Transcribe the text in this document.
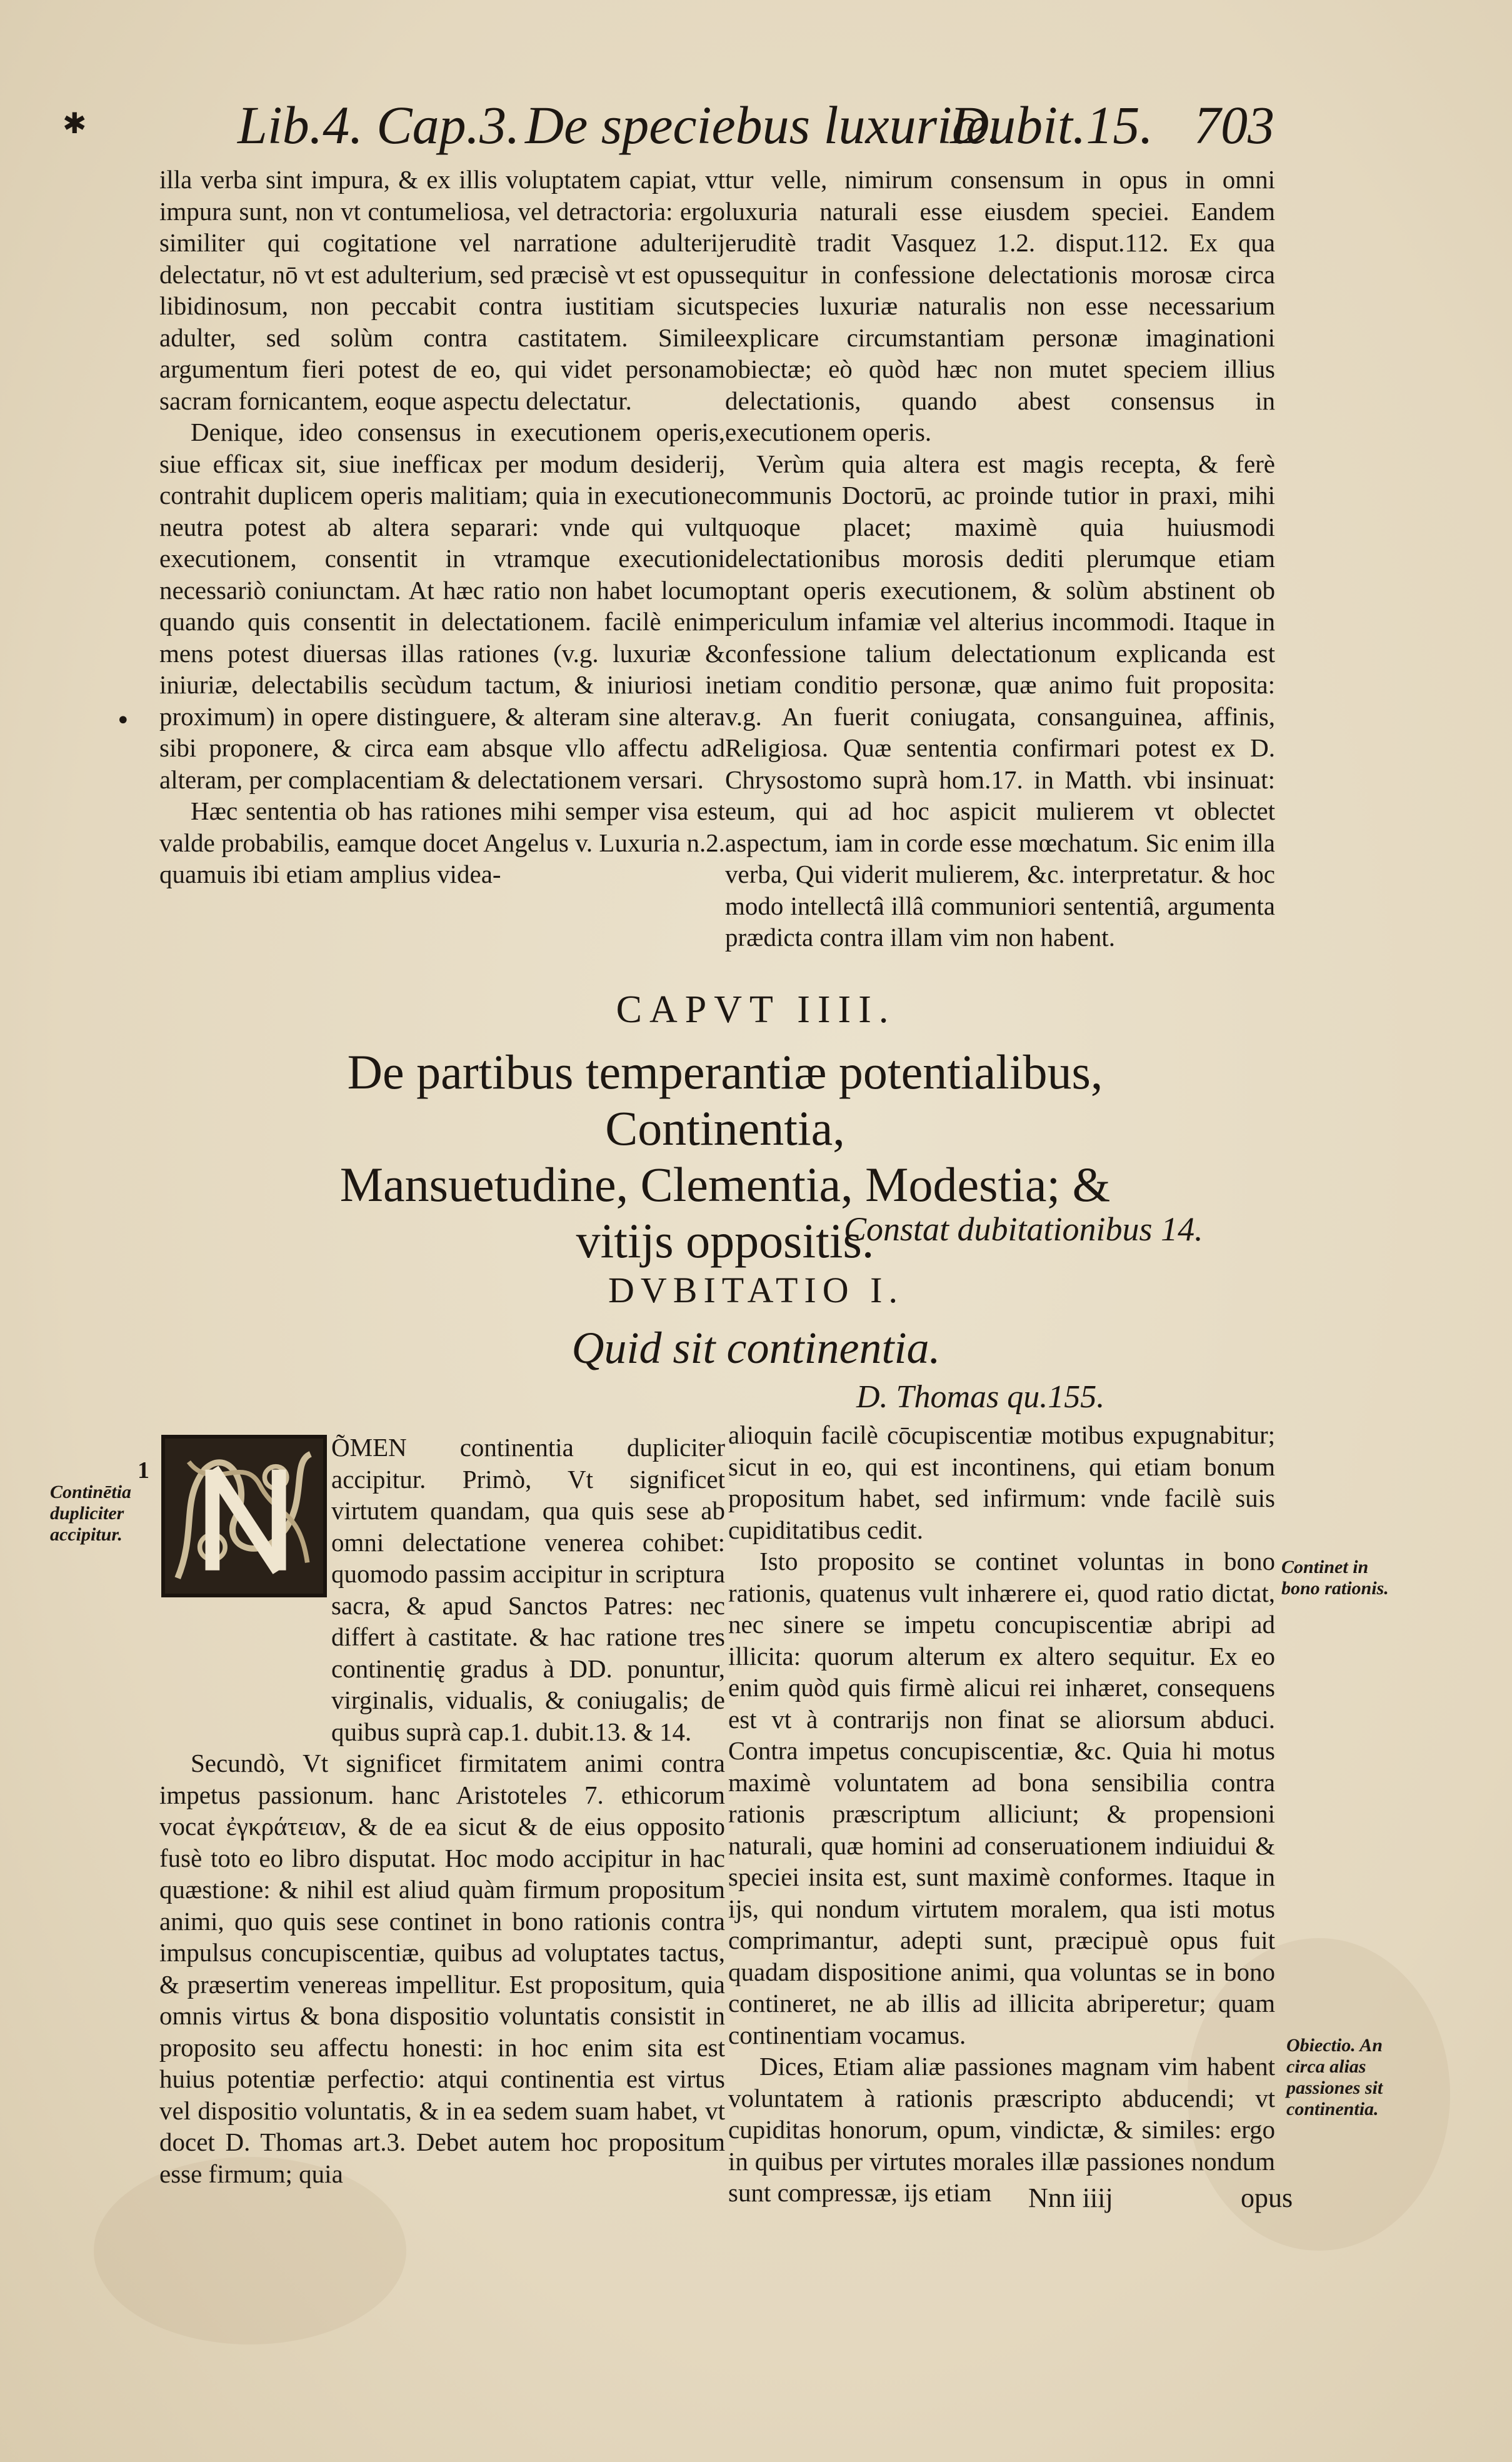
✱	Lib.4. Cap.3. De speciebus luxuriæ.
Dubit.15. 703

illa verba sint impura, & ex illis voluptatem capiat, vt impura sunt, non vt contumeliosa, vel detractoria: ergo similiter qui cogitatione vel narratione adulterij delectatur, nō vt est adulterium, sed præcisè vt est opus libidinosum, non peccabit contra iustitiam sicut adulter, sed solùm contra castitatem. Simile argumentum fieri potest de eo, qui videt personam sacram fornicantem, eoque aspectu delectatur.

Denique, ideo consensus in executionem operis, siue efficax sit, siue inefficax per modum desiderij, contrahit duplicem operis malitiam; quia in executione neutra potest ab altera separari: vnde qui vult executionem, consentit in vtramque executioni necessariò coniunctam. At hæc ratio non habet locum quando quis consentit in delectationem. facilè enim mens potest diuersas illas rationes (v.g. luxuriæ & iniuriæ, delectabilis secùdum tactum, & iniuriosi in proximum) in opere distinguere, & alteram sine altera sibi proponere, & circa eam absque vllo affectu ad alteram, per complacentiam & delectationem versari.

Hæc sententia ob has rationes mihi semper visa est valde probabilis, eamque docet Angelus v. Luxuria n.2. quamuis ibi etiam amplius videa-

•

tur velle, nimirum consensum in opus in omni luxuria naturali esse eiusdem speciei. Eandem eruditè tradit Vasquez 1.2. disput.112. Ex qua sequitur in confessione delectationis morosæ circa species luxuriæ naturalis non esse necessarium explicare circumstantiam personæ imaginationi obiectæ; eò quòd hæc non mutet speciem illius delectationis, quando abest consensus in executionem operis.

Verùm quia altera est magis recepta, & ferè communis Doctorū, ac proinde tutior in praxi, mihi quoque placet; maximè quia huiusmodi delectationibus morosis dediti plerumque etiam optant operis executionem, & solùm abstinent ob periculum infamiæ vel alterius incommodi. Itaque in confessione talium delectationum explicanda est etiam conditio personæ, quæ animo fuit proposita: v.g. An fuerit coniugata, consanguinea, affinis, Religiosa. Quæ sententia confirmari potest ex D. Chrysostomo suprà hom.17. in Matth. vbi insinuat: eum, qui ad hoc aspicit mulierem vt oblectet aspectum, iam in corde esse mœchatum. Sic enim illa verba, Qui viderit mulierem, &c. interpretatur. & hoc modo intellectâ illâ communiori sententiâ, argumenta prædicta contra illam vim non habent.

CAPVT IIII.
De partibus temperantiæ potentialibus, Continentia,
Mansuetudine, Clementia, Modestia; &
vitijs oppositis.
Constat dubitationibus 14.
DVBITATIO I.
Quid sit continentia.
D. Thomas qu.155.

ÕMEN continentia dupliciter accipitur. Primò, Vt significet virtutem quandam, qua quis sese ab omni delectatione venerea cohibet: quomodo passim accipitur in scriptura sacra, & apud Sanctos Patres: nec differt à castitate. & hac ratione tres continentię gradus à DD. ponuntur, virginalis, vidualis, & coniugalis; de quibus suprà cap.1. dubit.13. & 14.

Secundò, Vt significet firmitatem animi contra impetus passionum. hanc Aristoteles 7. ethicorum vocat ἐγκράτειαν, & de ea sicut & de eius opposito fusè toto eo libro disputat. Hoc modo accipitur in hac quæstione: & nihil est aliud quàm firmum propositum animi, quo quis sese continet in bono rationis contra impulsus concupiscentiæ, quibus ad voluptates tactus, & præsertim venereas impellitur. Est propositum, quia omnis virtus & bona dispositio voluntatis consistit in proposito seu affectu honesti: in hoc enim sita est huius potentiæ perfectio: atqui continentia est virtus vel dispositio voluntatis, & in ea sedem suam habet, vt docet D. Thomas art.3. Debet autem hoc propositum esse firmum; quia

alioquin facilè cōcupiscentiæ motibus expugnabitur; sicut in eo, qui est incontinens, qui etiam bonum propositum habet, sed infirmum: vnde facilè suis cupiditatibus cedit.

Isto proposito se continet voluntas in bono rationis, quatenus vult inhærere ei, quod ratio dictat, nec sinere se impetu concupiscentiæ abripi ad illicita: quorum alterum ex altero sequitur. Ex eo enim quòd quis firmè alicui rei inhæret, consequens est vt à contrarijs non finat se aliorsum abduci. Contra impetus concupiscentiæ, &c. Quia hi motus maximè voluntatem ad bona sensibilia contra rationis præscriptum alliciunt; & propensioni naturali, quæ homini ad conseruationem indiuidui & speciei insita est, sunt maximè conformes. Itaque in ijs, qui nondum virtutem moralem, qua isti motus comprimantur, adepti sunt, præcipuè opus fuit quadam dispositione animi, qua voluntas se in bono contineret, ne ab illis ad illicita abriperetur; quam continentiam vocamus.

Dices, Etiam aliæ passiones magnam vim habent voluntatem à rationis præscripto abducendi; vt cupiditas honorum, opum, vindictæ, & similes: ergo in quibus per virtutes morales illæ passiones nondum sunt compressæ, ijs etiam

1
Continētia dupliciter accipitur.
Continet in bono rationis.
Obiectio. An circa alias passiones sit continentia.
Nnn iiij	opus
